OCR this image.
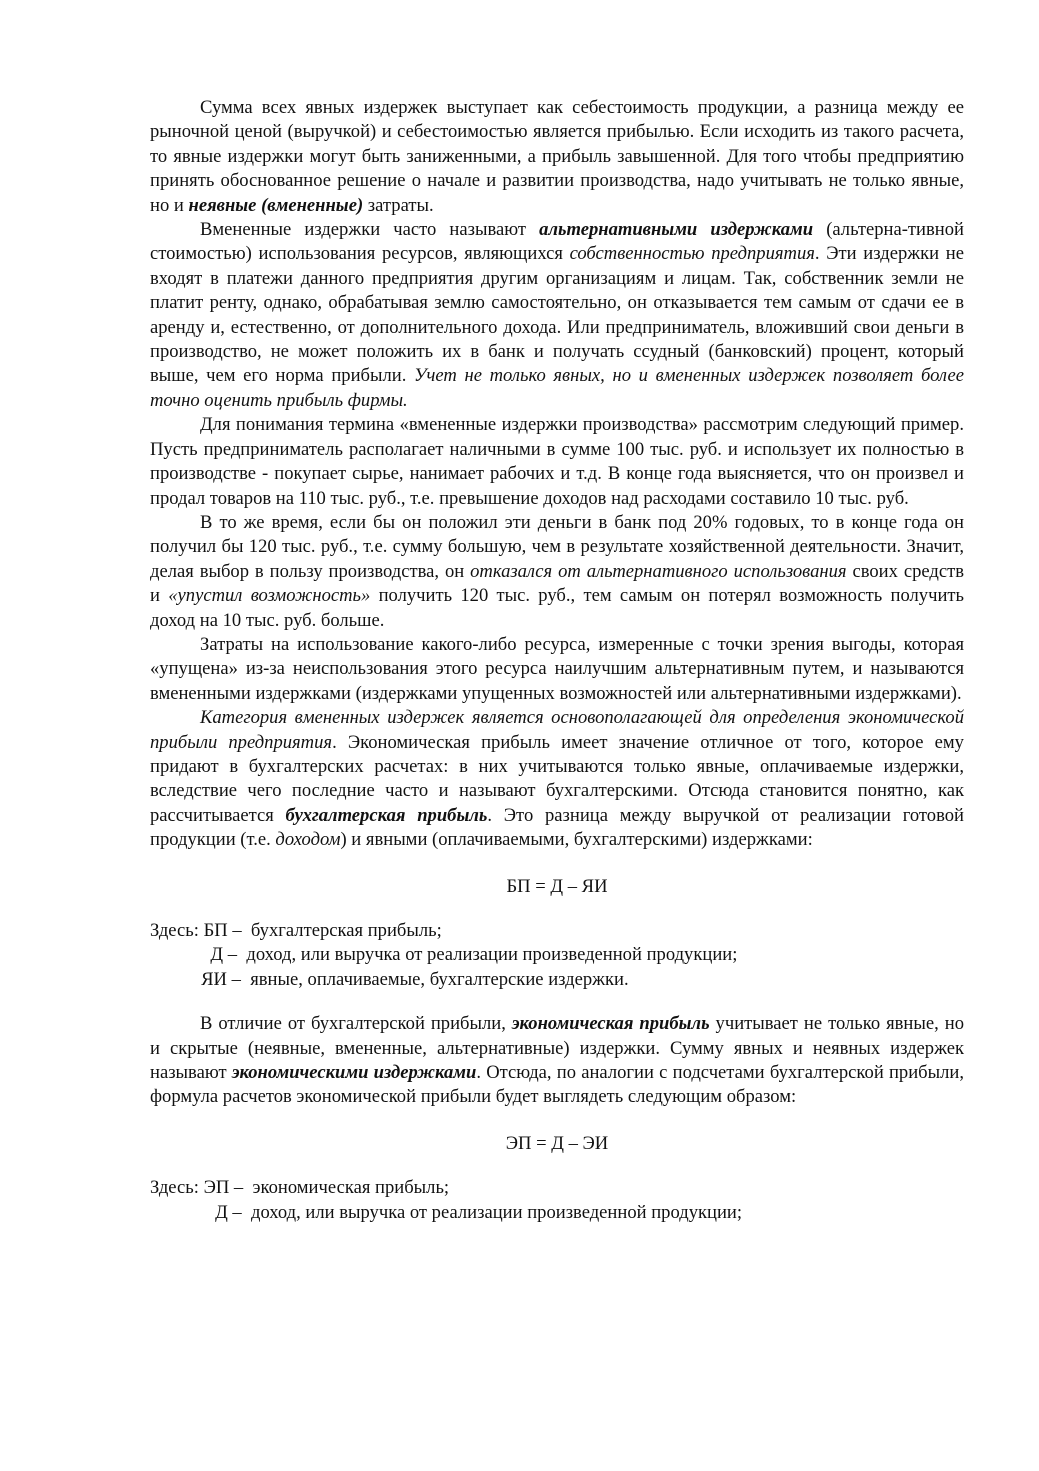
Сумма всех явных издержек выступает как себестоимость продукции, а разница между ее рыночной ценой (выручкой) и себестоимостью является прибылью. Если исходить из такого расчета, то явные издержки могут быть заниженными, а прибыль завышенной. Для того чтобы предприятию принять обоснованное решение о начале и развитии производства, надо учитывать не только явные, но и неявные (вмененные) затраты.

Вмененные издержки часто называют альтернативными издержками (альтерна-тивной стоимостью) использования ресурсов, являющихся собственностью предприятия. Эти издержки не входят в платежи данного предприятия другим организациям и лицам. Так, собственник земли не платит ренту, однако, обрабатывая землю самостоятельно, он отказывается тем самым от сдачи ее в аренду и, естественно, от дополнительного дохода. Или предприниматель, вложивший свои деньги в производство, не может положить их в банк и получать ссудный (банковский) процент, который выше, чем его норма прибыли. Учет не только явных, но и вмененных издержек позволяет более точно оценить прибыль фирмы.

Для понимания термина «вмененные издержки производства» рассмотрим следующий пример. Пусть предприниматель располагает наличными в сумме 100 тыс. руб. и использует их полностью в производстве - покупает сырье, нанимает рабочих и т.д. В конце года выясняется, что он произвел и продал товаров на 110 тыс. руб., т.е. превышение доходов над расходами составило 10 тыс. руб.

В то же время, если бы он положил эти деньги в банк под 20% годовых, то в конце года он получил бы 120 тыс. руб., т.е. сумму большую, чем в результате хозяйственной деятельности. Значит, делая выбор в пользу производства, он отказался от альтернативного использования своих средств и «упустил возможность» получить 120 тыс. руб., тем самым он потерял возможность получить доход на 10 тыс. руб. больше.

Затраты на использование какого-либо ресурса, измеренные с точки зрения выгоды, которая «упущена» из-за неиспользования этого ресурса наилучшим альтернативным путем, и называются вмененными издержками (издержками упущенных возможностей или альтернативными издержками).

Категория вмененных издержек является основополагающей для определения экономической прибыли предприятия. Экономическая прибыль имеет значение отличное от того, которое ему придают в бухгалтерских расчетах: в них учитываются только явные, оплачиваемые издержки, вследствие чего последние часто и называют бухгалтерскими. Отсюда становится понятно, как рассчитывается бухгалтерская прибыль. Это разница между выручкой от реализации готовой продукции (т.е. доходом) и явными (оплачиваемыми, бухгалтерскими) издержками:

БП = Д – ЯИ

Здесь: БП –  бухгалтерская прибыль;

Д –  доход, или выручка от реализации произведенной продукции;

ЯИ –  явные, оплачиваемые, бухгалтерские издержки.

В отличие от бухгалтерской прибыли, экономическая прибыль учитывает не только явные, но и скрытые (неявные, вмененные, альтернативные) издержки. Сумму явных и неявных издержек называют экономическими издержками. Отсюда, по аналогии с подсчетами бухгалтерской прибыли, формула расчетов экономической прибыли будет выглядеть следующим образом:

ЭП = Д – ЭИ

Здесь: ЭП –  экономическая прибыль;

Д –  доход, или выручка от реализации произведенной продукции;
